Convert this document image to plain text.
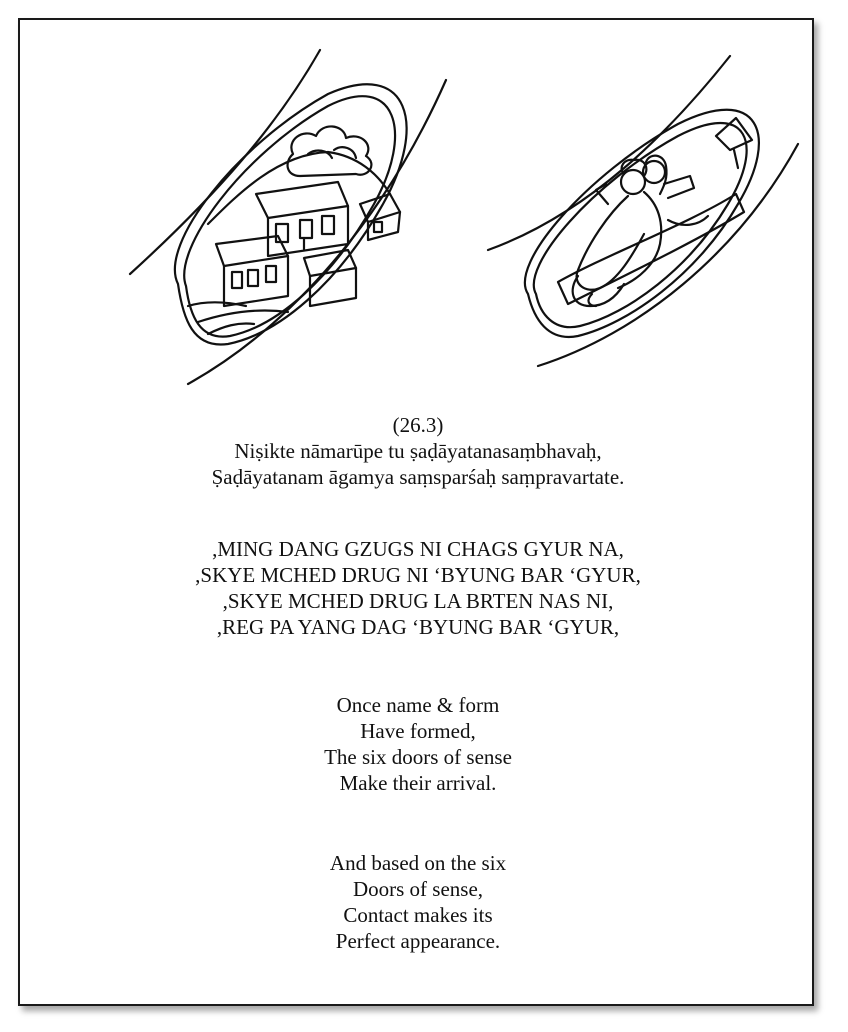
(26.3)
Niṣikte nāmarūpe tu ṣaḍāyatanasaṃbhavaḥ,
Ṣaḍāyatanam āgamya saṃsparśaḥ saṃpravartate.
,MING DANG GZUGS NI CHAGS GYUR NA,
,SKYE MCHED DRUG NI ‘BYUNG BAR ‘GYUR,
,SKYE MCHED DRUG LA BRTEN NAS NI,
,REG PA YANG DAG ‘BYUNG BAR ‘GYUR,
Once name & form
Have formed,
The six doors of sense
Make their arrival.
And based on the six
Doors of sense,
Contact makes its
Perfect appearance.
